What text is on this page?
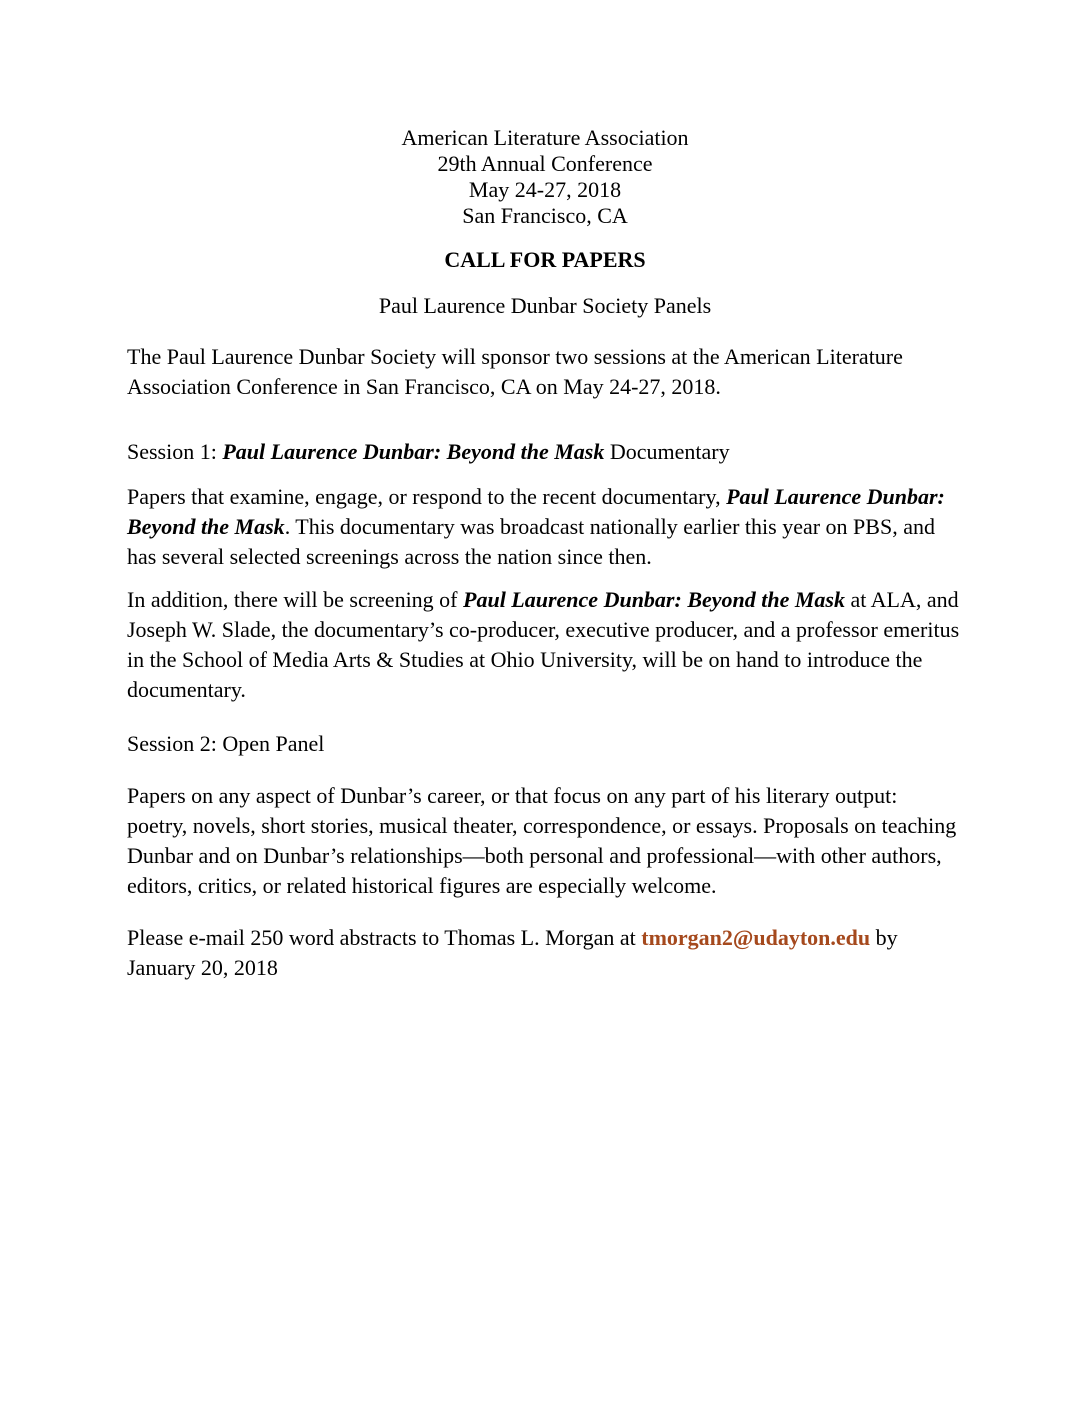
American Literature Association
29th Annual Conference
May 24-27, 2018
San Francisco, CA
CALL FOR PAPERS
Paul Laurence Dunbar Society Panels

The Paul Laurence Dunbar Society will sponsor two sessions at the American Literature Association Conference in San Francisco, CA on May 24-27, 2018.

Session 1: Paul Laurence Dunbar: Beyond the Mask Documentary

Papers that examine, engage, or respond to the recent documentary, Paul Laurence Dunbar: Beyond the Mask. This documentary was broadcast nationally earlier this year on PBS, and has several selected screenings across the nation since then.

In addition, there will be screening of Paul Laurence Dunbar: Beyond the Mask at ALA, and Joseph W. Slade, the documentary’s co-producer, executive producer, and a professor emeritus in the School of Media Arts & Studies at Ohio University, will be on hand to introduce the documentary.

Session 2: Open Panel

Papers on any aspect of Dunbar’s career, or that focus on any part of his literary output: poetry, novels, short stories, musical theater, correspondence, or essays. Proposals on teaching Dunbar and on Dunbar’s relationships—both personal and professional—with other authors, editors, critics, or related historical figures are especially welcome.

Please e-mail 250 word abstracts to Thomas L. Morgan at tmorgan2@udayton.edu by January 20, 2018
